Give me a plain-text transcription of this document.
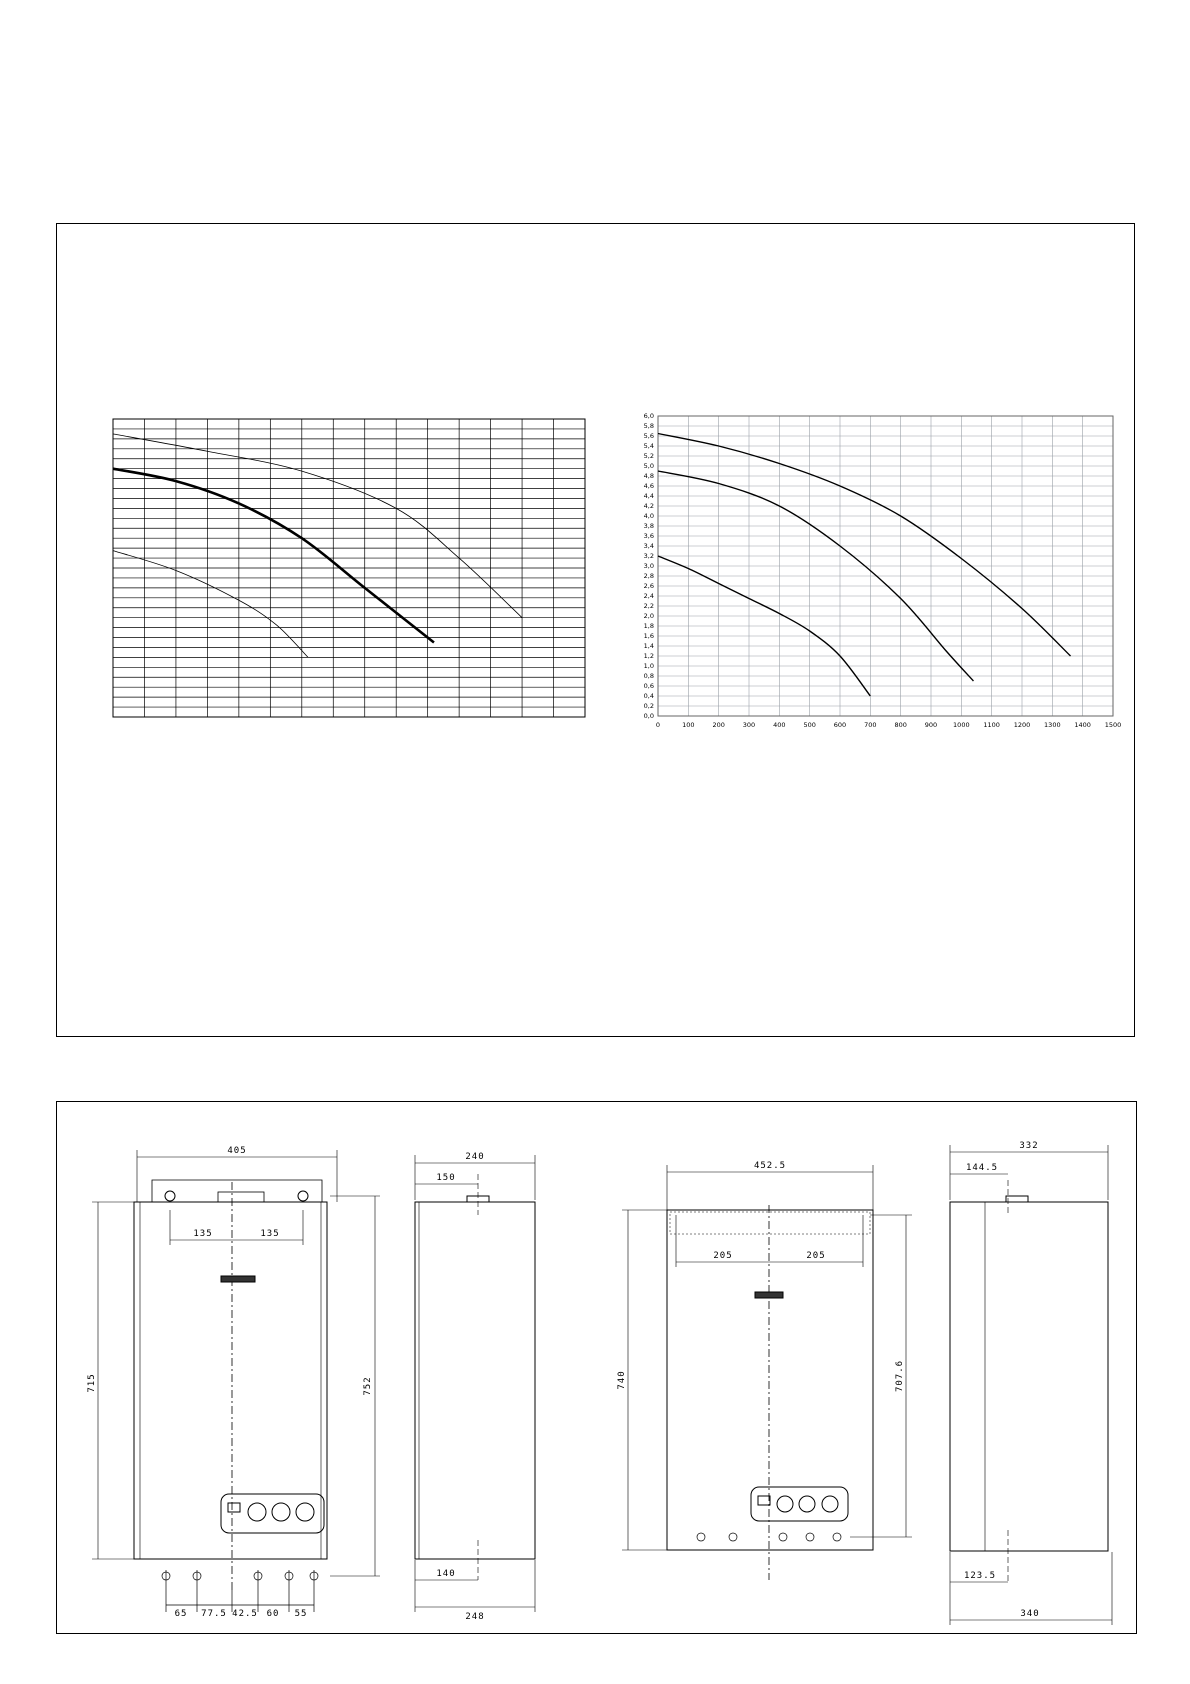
0	100	200	300	400	500	600	700	800	900 1000 1100 1200 1300 1400 1500
0,0
0,2
0,4
0,6
0,8
1,0
1,2
1,4
1,6
1,8
2,0
2,2
2,4
2,6
2,8
3,0
3,2
3,4
3,6
3,8
4,0
4,2
4,4
4,6
4,8
5,0
5,2
5,4
5,6
5,8
6,0
405
135	135
715	752
65 77.5 42.5 60 55
240
150
140
248
452.5
205	205
740	707.6
332
144.5
123.5
340
